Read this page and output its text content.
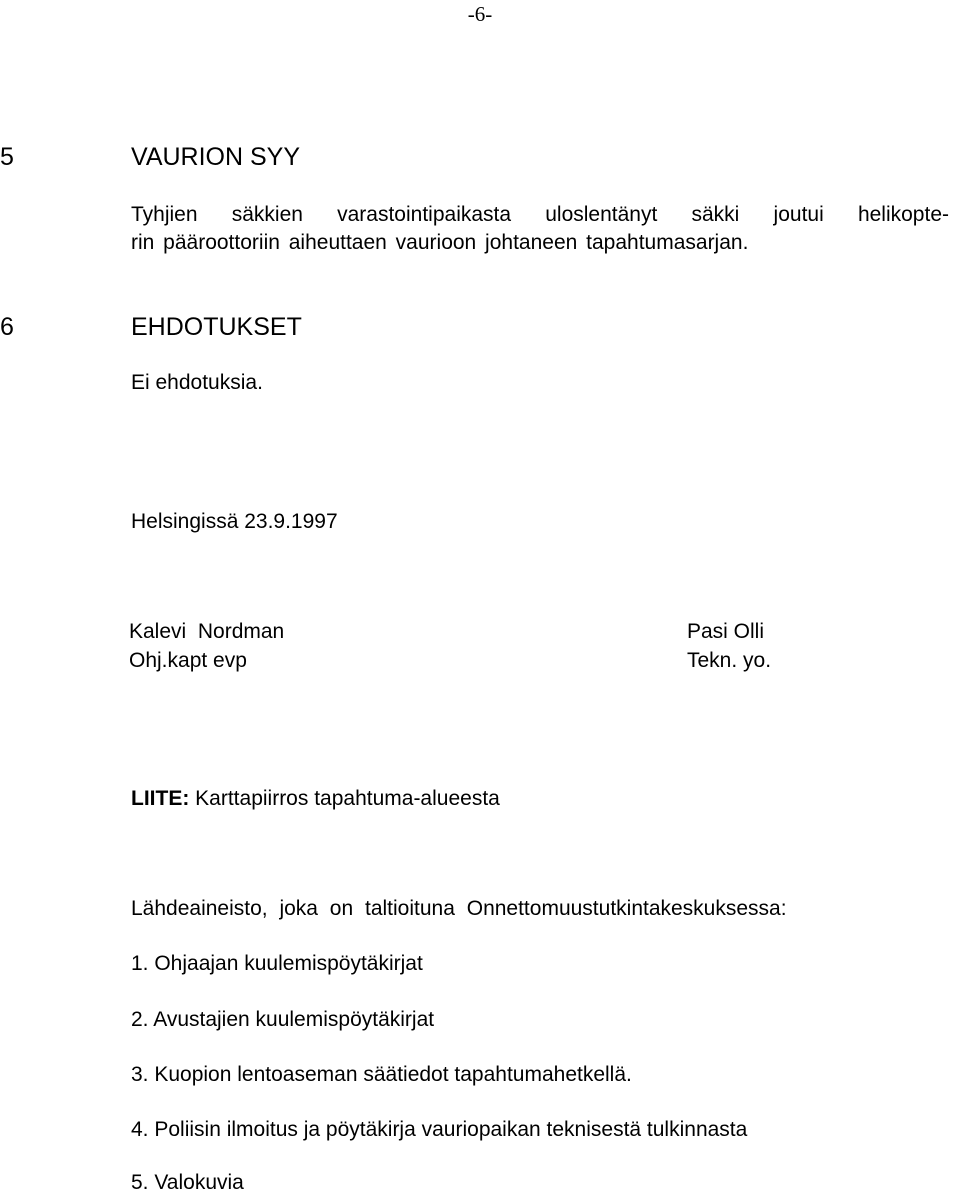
-6-
5	VAURION SYY
Tyhjien säkkien varastointipaikasta uloslentänyt säkki joutui helikopte-
rin pääroottoriin aiheuttaen vaurioon johtaneen tapahtumasarjan.
6	EHDOTUKSET
Ei ehdotuksia.
Helsingissä 23.9.1997
Kalevi  Nordman
Ohj.kapt evp
Pasi Olli
Tekn. yo.
LIITE: Karttapiirros tapahtuma-alueesta
Lähdeaineisto, joka on taltioituna Onnettomuustutkintakeskuksessa:
1. Ohjaajan kuulemispöytäkirjat
2. Avustajien kuulemispöytäkirjat
3. Kuopion lentoaseman säätiedot tapahtumahetkellä.
4. Poliisin ilmoitus ja pöytäkirja vauriopaikan teknisestä tulkinnasta
5. Valokuvia
